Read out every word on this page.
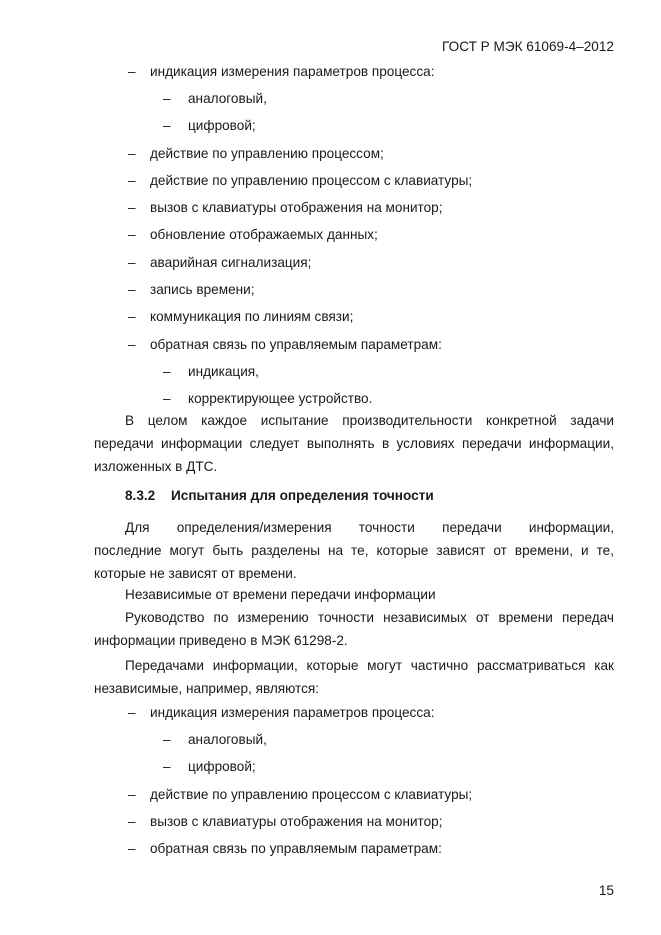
ГОСТ Р МЭК 61069-4–2012
– индикация измерения параметров процесса:
– аналоговый,
– цифровой;
– действие по управлению процессом;
– действие по управлению процессом с клавиатуры;
– вызов с клавиатуры отображения на монитор;
– обновление отображаемых данных;
– аварийная сигнализация;
– запись времени;
– коммуникация по линиям связи;
– обратная связь по управляемым параметрам:
– индикация,
– корректирующее устройство.
В целом каждое испытание производительности конкретной задачи
передачи информации следует выполнять в условиях передачи информации,
изложенных в ДТС.
8.3.2 Испытания для определения точности
Для определения/измерения точности передачи информации,
последние могут быть разделены на те, которые зависят от времени, и те,
которые не зависят от времени.
Независимые от времени передачи информации
Руководство по измерению точности независимых от времени передач
информации приведено в МЭК 61298-2.
Передачами информации, которые могут частично рассматриваться как
независимые, например, являются:
– индикация измерения параметров процесса:
– аналоговый,
– цифровой;
– действие по управлению процессом с клавиатуры;
– вызов с клавиатуры отображения на монитор;
– обратная связь по управляемым параметрам:
15
